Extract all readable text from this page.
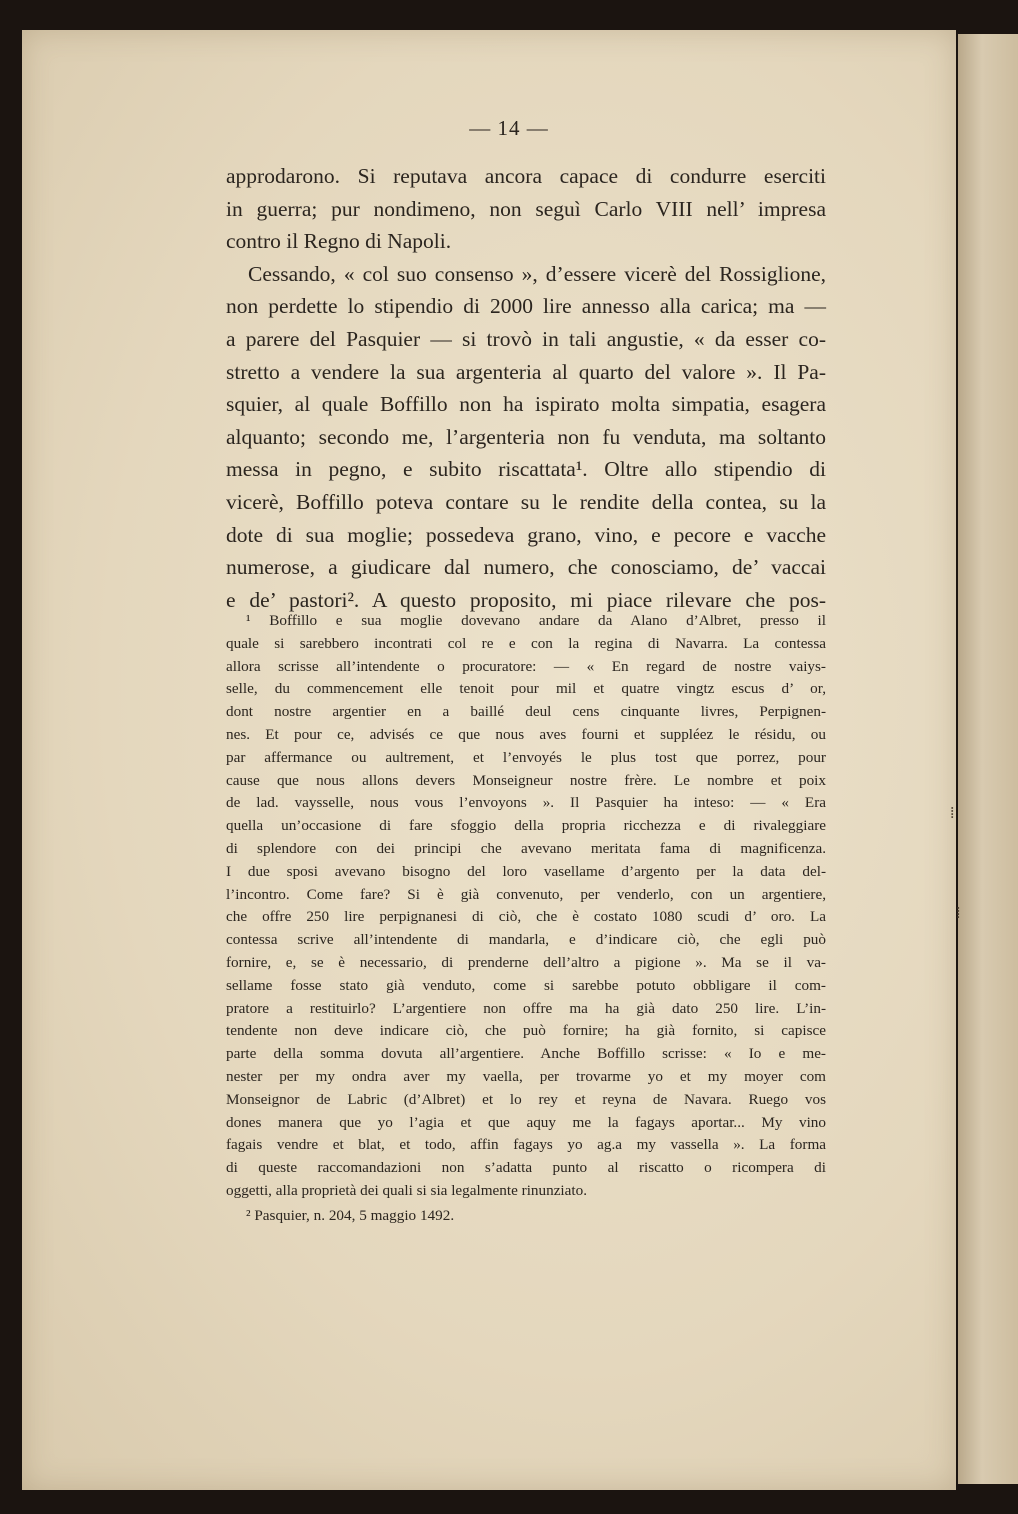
— 14 —
approdarono. Si reputava ancora capace di condurre eserciti
in guerra; pur nondimeno, non seguì Carlo VIII nell’ impresa
contro il Regno di Napoli.
Cessando, « col suo consenso », d’essere vicerè del Rossiglione,
non perdette lo stipendio di 2000 lire annesso alla carica; ma —
a parere del Pasquier — si trovò in tali angustie, « da esser co-
stretto a vendere la sua argenteria al quarto del valore ». Il Pa-
squier, al quale Boffillo non ha ispirato molta simpatia, esagera
alquanto; secondo me, l’argenteria non fu venduta, ma soltanto
messa in pegno, e subito riscattata¹. Oltre allo stipendio di
vicerè, Boffillo poteva contare su le rendite della contea, su la
dote di sua moglie; possedeva grano, vino, e pecore e vacche
numerose, a giudicare dal numero, che conosciamo, de’ vaccai
e de’ pastori². A questo proposito, mi piace rilevare che pos-
¹ Boffillo e sua moglie dovevano andare da Alano d’Albret, presso il
quale si sarebbero incontrati col re e con la regina di Navarra. La contessa
allora scrisse all’intendente o procuratore: — « En regard de nostre vaiys-
selle, du commencement elle tenoit pour mil et quatre vingtz escus d’ or,
dont nostre argentier en a baillé deul cens cinquante livres, Perpignen-
nes. Et pour ce, advisés ce que nous aves fourni et suppléez le résidu, ou
par affermance ou aultrement, et l’envoyés le plus tost que porrez, pour
cause que nous allons devers Monseigneur nostre frère. Le nombre et poix
de lad. vaysselle, nous vous l’envoyons ». Il Pasquier ha inteso: — « Era
quella un’occasione di fare sfoggio della propria ricchezza e di rivaleggiare
di splendore con dei principi che avevano meritata fama di magnificenza.
I due sposi avevano bisogno del loro vasellame d’argento per la data del-
l’incontro. Come fare? Si è già convenuto, per venderlo, con un argentiere,
che offre 250 lire perpignanesi di ciò, che è costato 1080 scudi d’ oro. La
contessa scrive all’intendente di mandarla, e d’indicare ciò, che egli può
fornire, e, se è necessario, di prenderne dell’altro a pigione ». Ma se il va-
sellame fosse stato già venduto, come si sarebbe potuto obbligare il com-
pratore a restituirlo? L’argentiere non offre ma ha già dato 250 lire. L’in-
tendente non deve indicare ciò, che può fornire; ha già fornito, si capisce
parte della somma dovuta all’argentiere. Anche Boffillo scrisse: « Io e me-
nester per my ondra aver my vaella, per trovarme yo et my moyer com
Monseignor de Labric (d’Albret) et lo rey et reyna de Navara. Ruego vos
dones manera que yo l’agia et que aquy me la fagays aportar... My vino
fagais vendre et blat, et todo, affin fagays yo ag.a my vassella ». La forma
di queste raccomandazioni non s’adatta punto al riscatto o ricompera di
oggetti, alla proprietà dei quali si sia legalmente rinunziato.
² Pasquier, n. 204, 5 maggio 1492.
⁞
⁞
